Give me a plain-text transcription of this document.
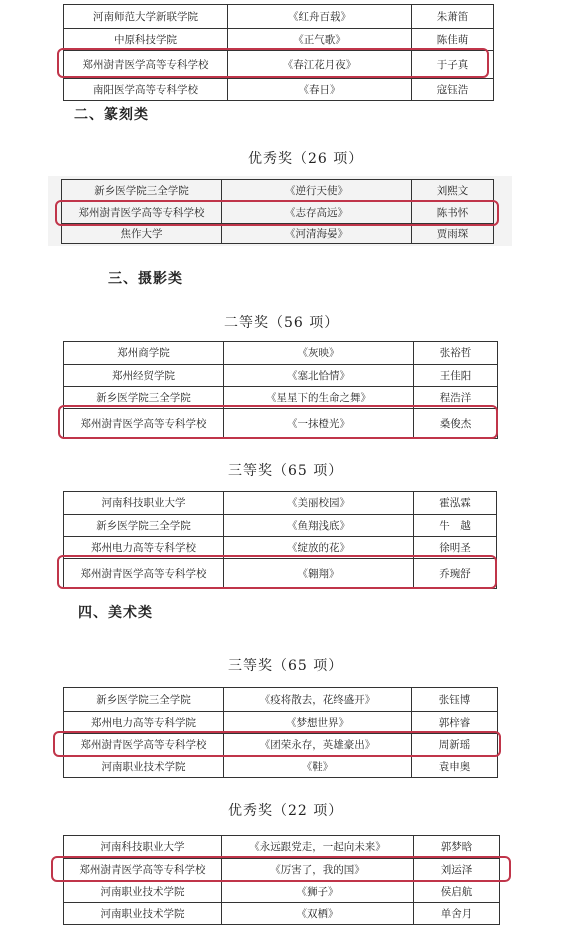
河南师范大学新联学院	《红舟百载》	朱萧笛
中原科技学院	《正气歌》	陈佳萌
郑州澍青医学高等专科学校	《春江花月夜》	于子真
南阳医学高等专科学校	《春日》	寇钰浩
二、篆刻类
优秀奖（26 项）
新乡医学院三全学院	《逆行天使》	刘熙文
郑州澍青医学高等专科学校	《志存高远》	陈书怀
焦作大学	《河清海晏》	贾雨琛
三、摄影类
二等奖（56 项）
郑州商学院	《灰映》	张裕哲
郑州经贸学院	《塞北恰情》	王佳阳
新乡医学院三全学院	《星星下的生命之舞》	程浩洋
郑州澍青医学高等专科学校	《一抹橙光》	桑俊杰
三等奖（65 项）
河南科技职业大学	《美丽校园》	霍泓霖
新乡医学院三全学院	《鱼翔浅底》	牛　越
郑州电力高等专科学校	《绽放的花》	徐明圣
郑州澍青医学高等专科学校	《翱翔》	乔琬舒
四、美术类
三等奖（65 项）
新乡医学院三全学院	《疫将散去，花终盛开》	张钰博
郑州电力高等专科学院	《梦想世界》	郭梓睿
郑州澍青医学高等专科学校	《团荣永存，英雄豪出》	周新瑶
河南职业技术学院	《鞋》	袁申奥
优秀奖（22 项）
河南科技职业大学	《永远跟党走，一起向未来》	郭梦晗
郑州澍青医学高等专科学校	《厉害了，我的国》	刘运泽
河南职业技术学院	《狮子》	侯启航
河南职业技术学院	《双栖》	单舍月
